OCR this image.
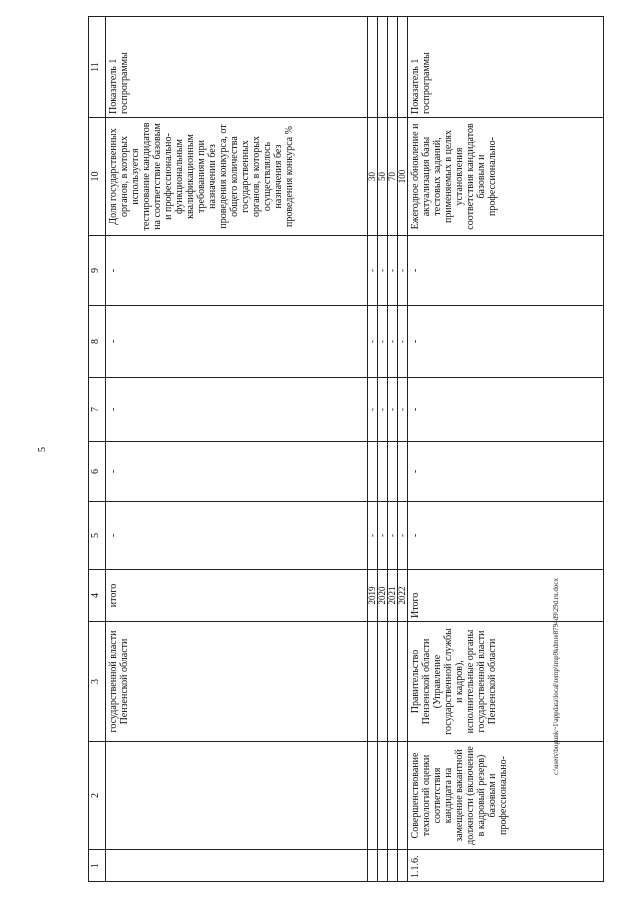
5
1	2	3	4	5	6	7	8	9	10	11
		государственной власти Пензенской области	итого	-	-	-	-	-	Доля государственных органов, в которых используется тестирование кандидатов на соответствие базовым и профессионально-функциональным квалификационным требованиям при назначении без проведения конкурса, от общего количества государственных органов, в которых осуществлялось назначения без проведения конкурса %	Показатель 1 госпрограммы
			2019	-		-	-	-	30	
			2020	-		-	-	-	50	
			2021	-		-	-	-	70	
			2022	-		-	-	-	100	
1.1.6.	Совершенствование технологий оценки соответствия кандидата на замещение вакантной должности (включение в кадровый резерв) базовым и профессионально-	Правительство Пензенской области (Управление государственной службы и кадров), исполнительные органы государственной власти Пензенской области	Итого	-	-	-	-	-	Ежегодное обновление и актуализация базы тестовых заданий, применяемых в целях установления соответствия кандидатов базовым и профессионально-	Показатель 1 госпрограммы
c:\users\bogunk~1\appdata\local\temp\tmp9kdmte8794d9\29d.ru.docx
